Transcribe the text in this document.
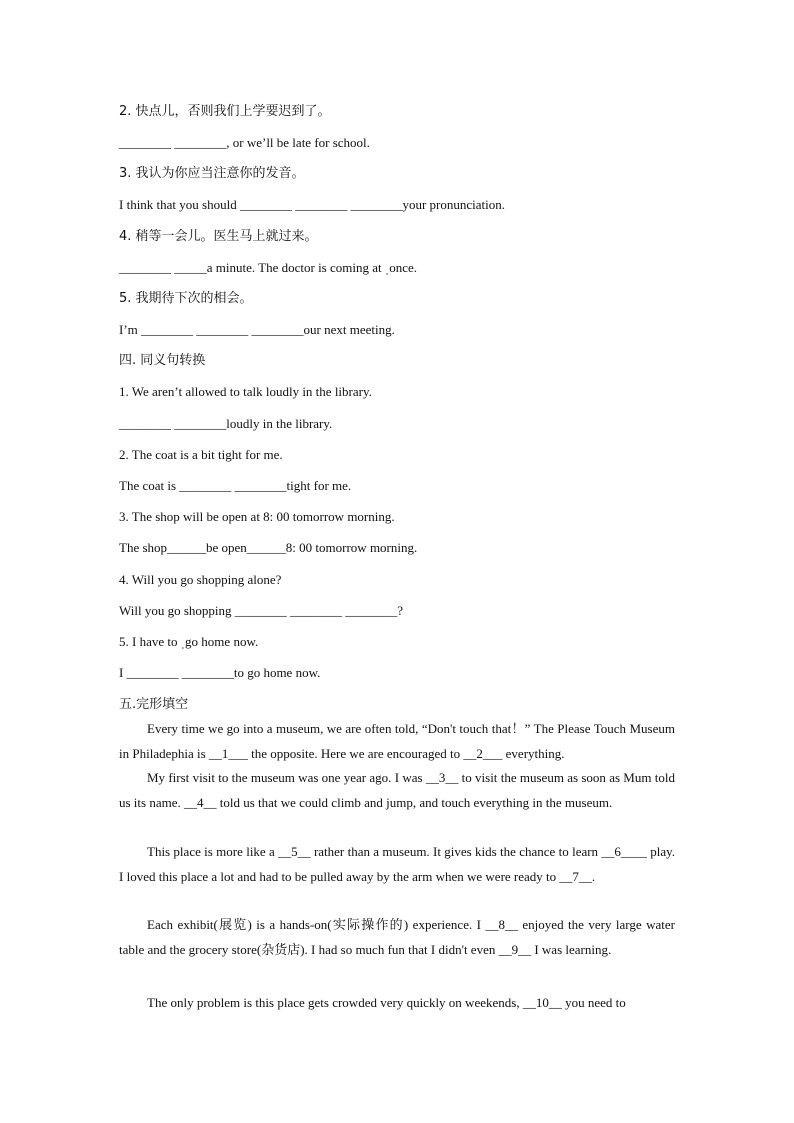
2. 快点儿，否则我们上学要迟到了。
________ ________, or we’ll be late for school.
3. 我认为你应当注意你的发音。
I think that you should ________ ________ ________your pronunciation.
4. 稍等一会儿。医生马上就过来。
________ _____a minute. The doctor is coming at ˌonce.
5. 我期待下次的相会。
I’m ________ ________ ________our next meeting.
四. 同义句转换
1. We aren’t allowed to talk loudly in the library.
________ ________loudly in the library.
2. The coat is a bit tight for me.
The coat is ________ ________tight for me.
3. The shop will be open at 8: 00 tomorrow morning.
The shop______be open______8: 00 tomorrow morning.
4. Will you go shopping alone?
Will you go shopping ________ ________ ________?
5. I have to ˌgo home now.
I ________ ________to go home now.
五.完形填空
Every time we go into a museum, we are often told, “Don't touch that！” The Please Touch Museum in Philadephia is __1___ the opposite. Here we are encouraged to __2___ everything.
My first visit to the museum was one year ago. I was __3__ to visit the museum as soon as Mum told us its name. __4__ told us that we could climb and jump, and touch everything in the museum.
This place is more like a __5__ rather than a museum. It gives kids the chance to learn __6____ play. I loved this place a lot and had to be pulled away by the arm when we were ready to __7__.
Each exhibit(展览) is a hands-on(实际操作的) experience. I __8__ enjoyed the very large water table and the grocery store(杂货店). I had so much fun that I didn't even __9__ I was learning.
The only problem is this place gets crowded very quickly on weekends, __10__ you need to
